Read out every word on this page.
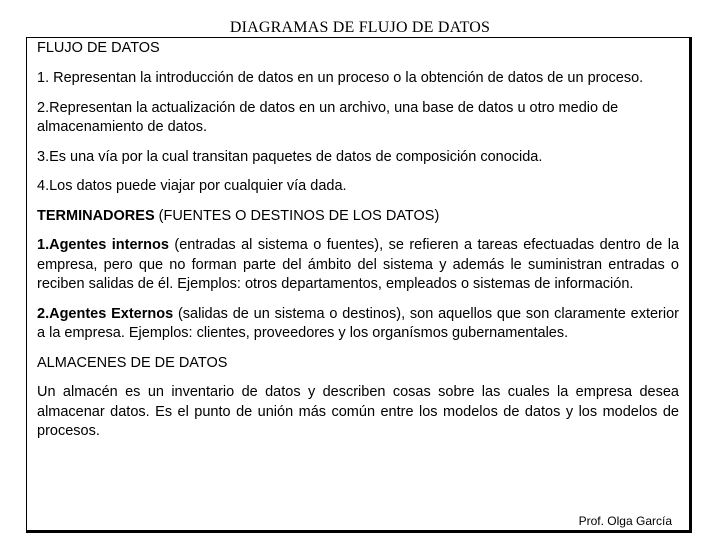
DIAGRAMAS DE FLUJO DE DATOS
FLUJO DE DATOS

1. Representan la introducción de datos en un proceso o la obtención de datos de un proceso.

2.Representan la actualización de datos en un archivo, una base de datos u otro medio de almacenamiento de datos.

3.Es una vía por la cual transitan paquetes de datos de composición conocida.

4.Los datos puede viajar por cualquier vía dada.

TERMINADORES (FUENTES O DESTINOS DE LOS DATOS)

1.Agentes internos (entradas al sistema o fuentes), se refieren a tareas efectuadas dentro de la empresa, pero que no forman parte del ámbito del sistema y además le suministran entradas o reciben salidas de él. Ejemplos: otros departamentos, empleados o sistemas de información.

2.Agentes Externos (salidas de un sistema o destinos), son aquellos que son claramente exterior a la empresa. Ejemplos: clientes, proveedores y los organísmos gubernamentales.

ALMACENES DE DE DATOS

Un almacén es un inventario de datos y describen cosas sobre las cuales la empresa desea almacenar datos. Es el punto de unión más común entre los modelos de datos y los modelos de procesos.

Prof. Olga García
